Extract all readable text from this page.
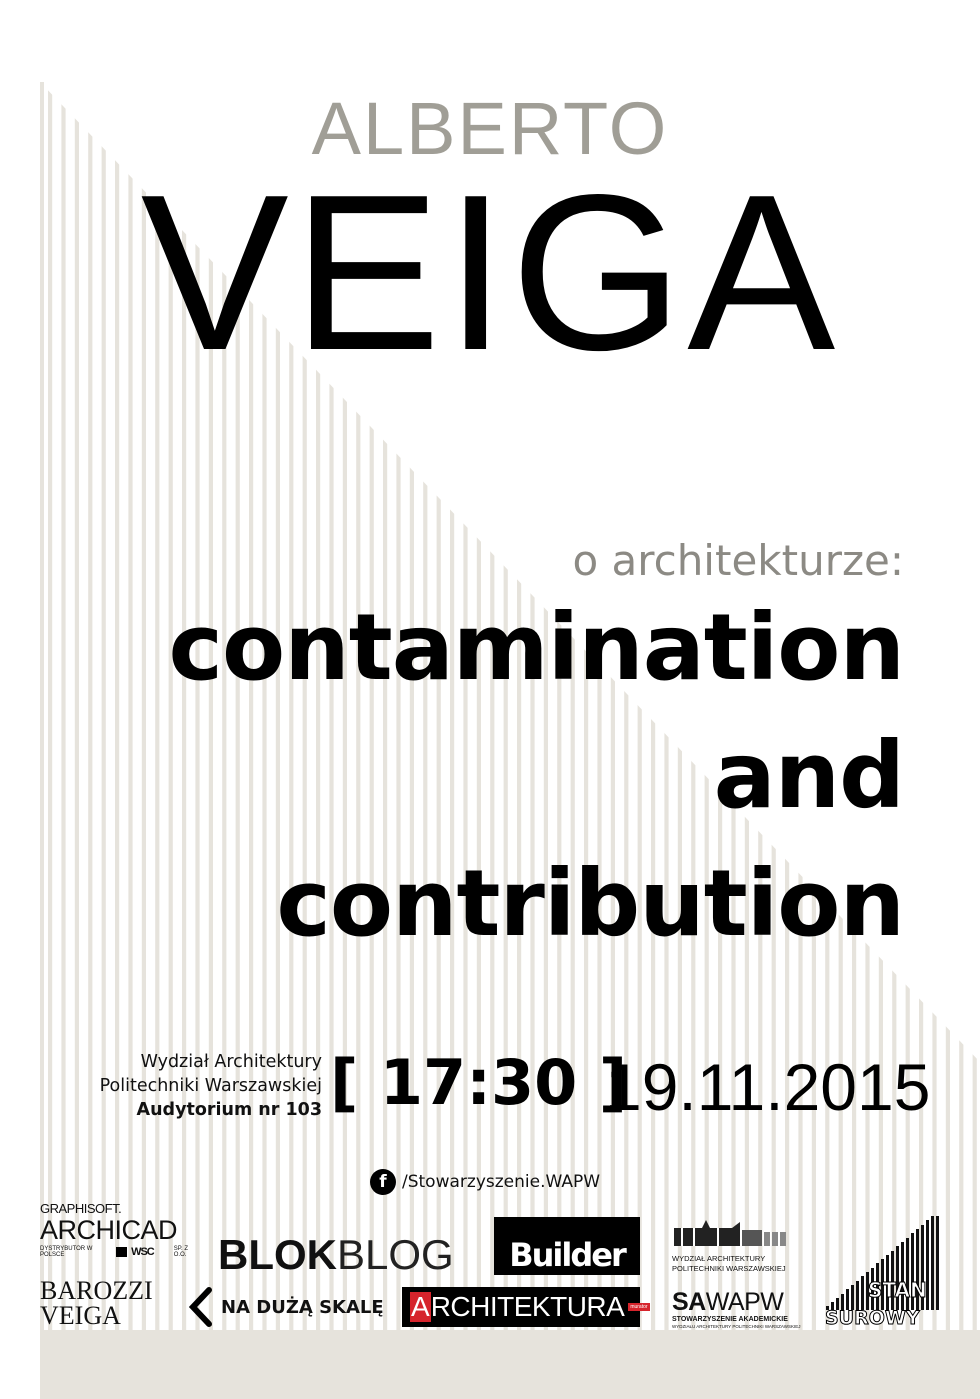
ALBERTO
VEIGA
o architekturze:
contamination
and
contribution
Wydział Architektury
Politechniki Warszawskiej
Audytorium nr 103 [ 17:30 ]
19.11.2015
f /Stowarzyszenie.WAPW
GRAPHISOFT.
ARCHICAD
DYSTRYBUTOR W POLSCE	WSC	SP. Z O.O.
BAROZZI
VEIGA
BLOKBLOG
NA DUŻĄ SKALĘ
Builder
A RCHITEKTURA	murator
WYDZIAŁ ARCHITEKTURY
POLITECHNIKI WARSZAWSKIEJ
SAWAPW
STOWARZYSZENIE AKADEMICKIE
WYDZIAŁU ARCHITEKTURY POLITECHNIKI WARSZAWSKIEJ
STAN
SUROWY
